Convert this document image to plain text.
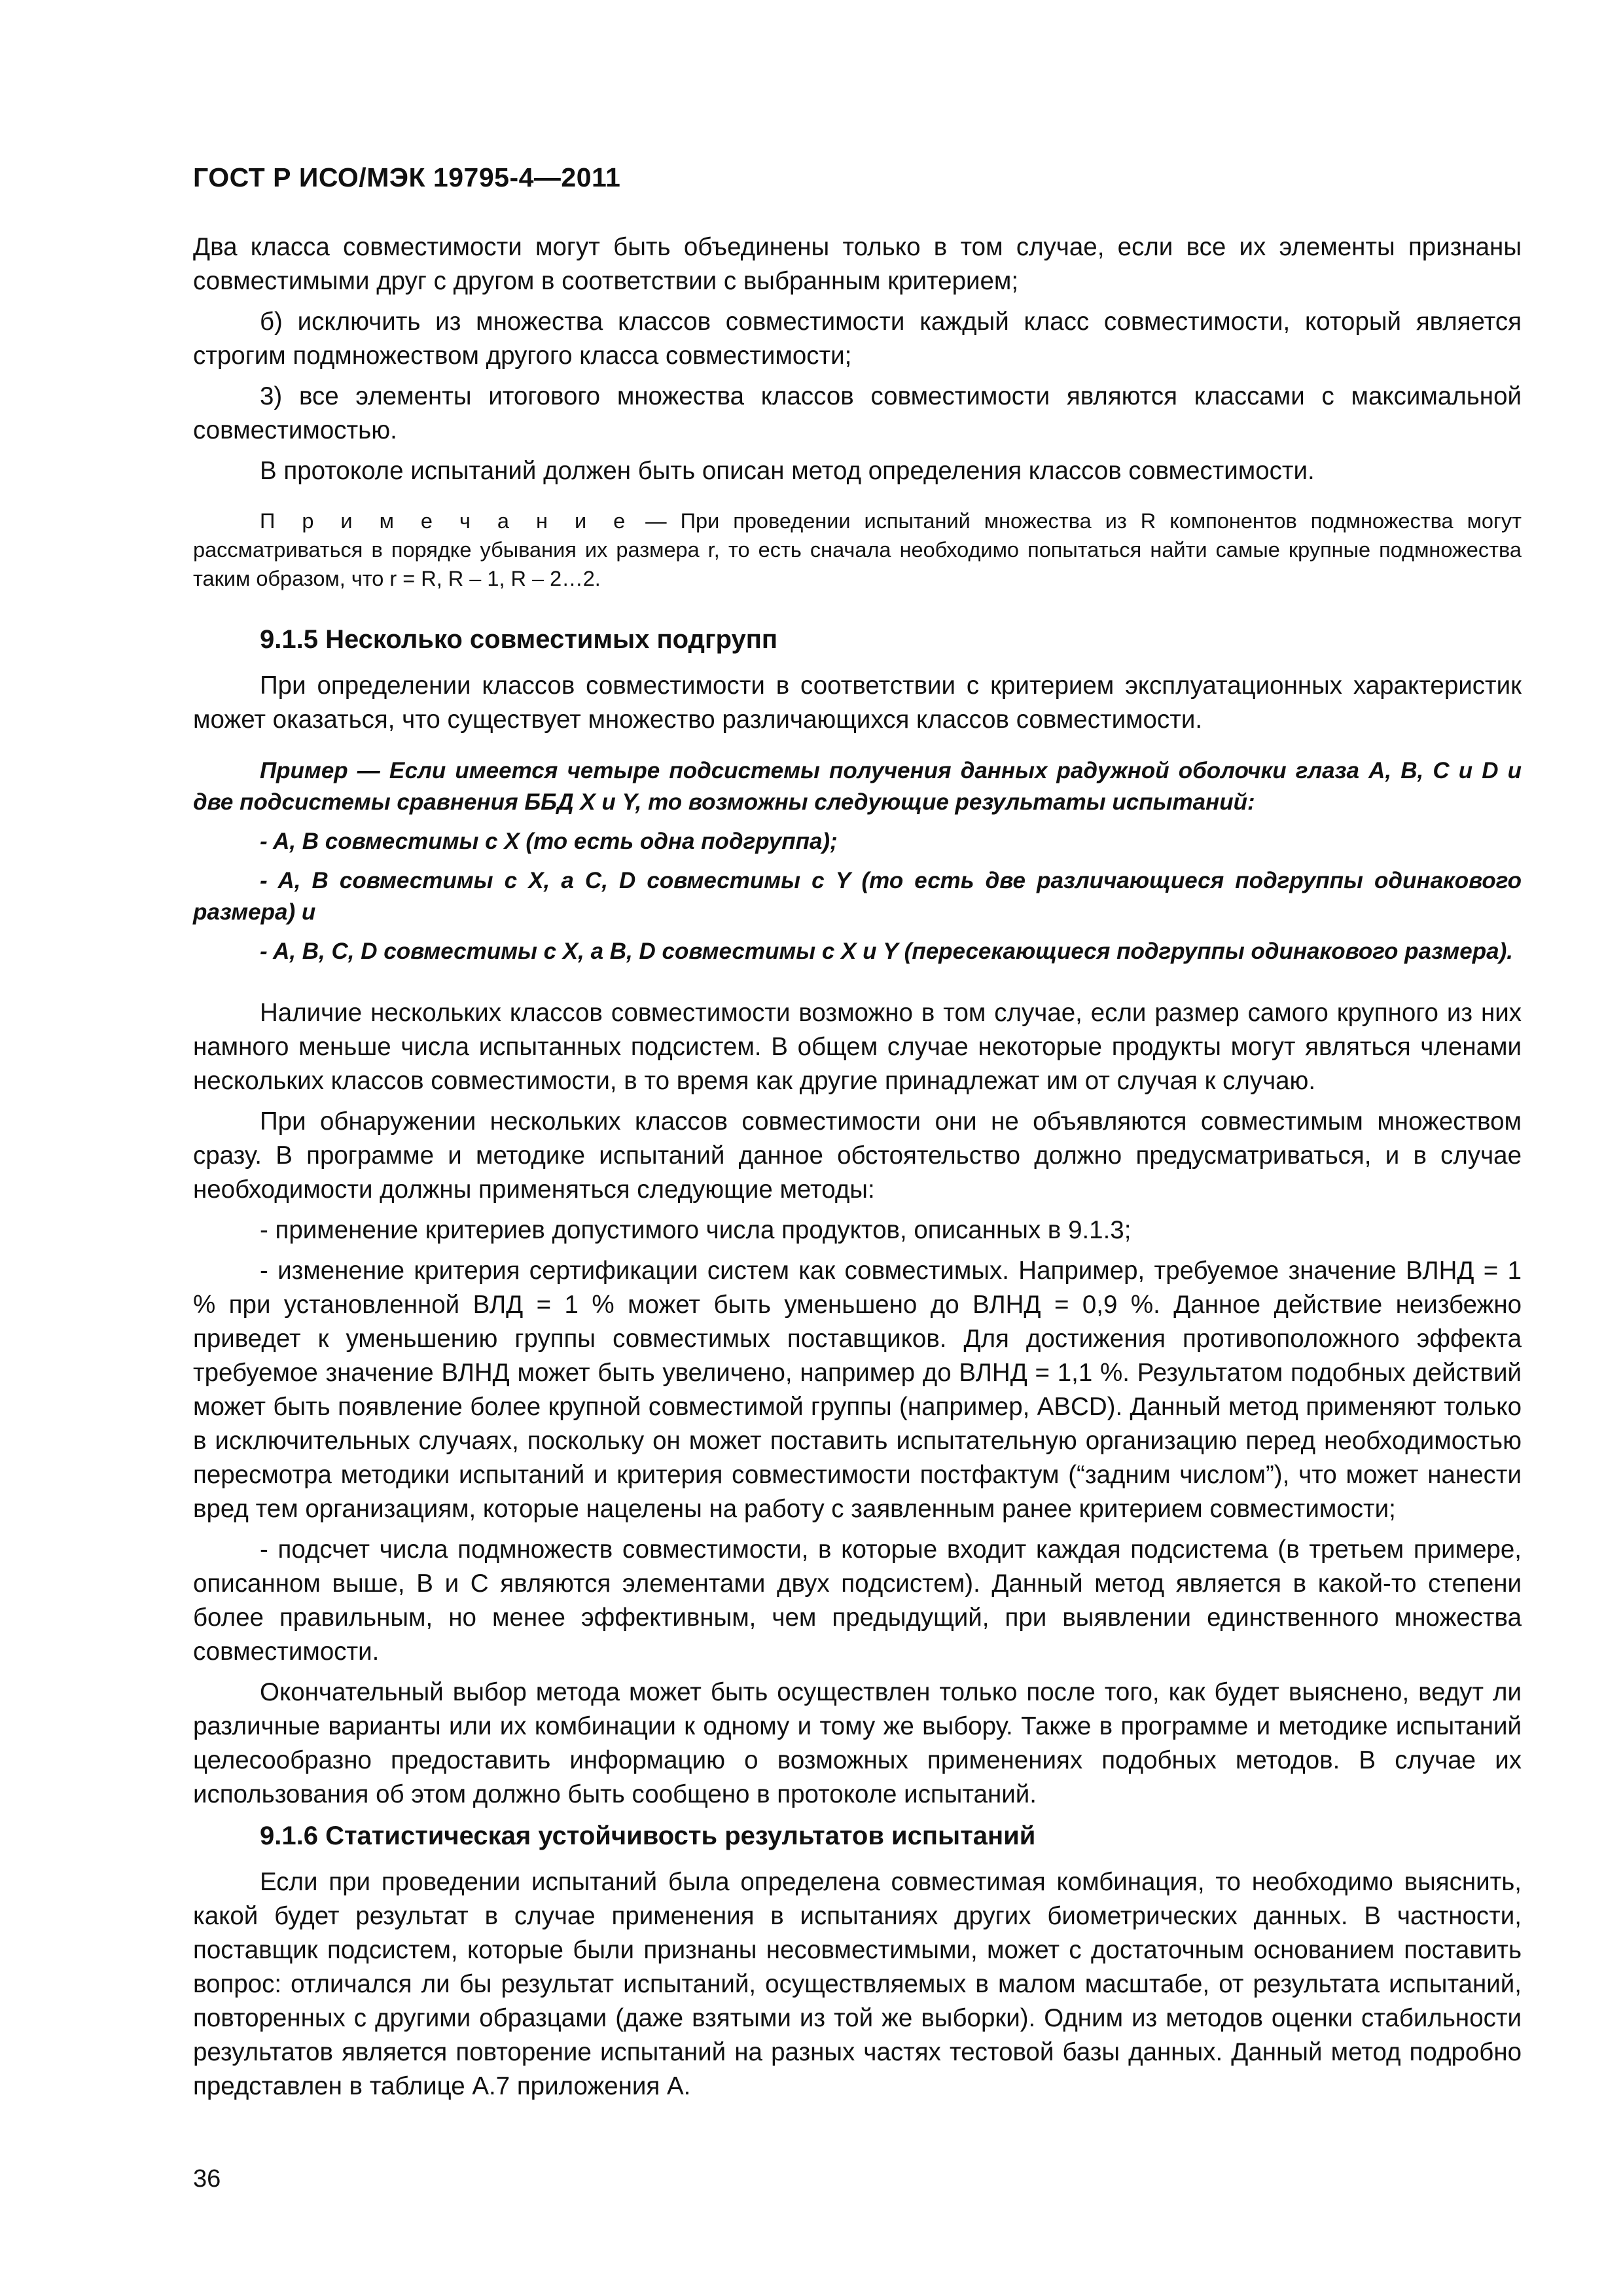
ГОСТ Р ИСО/МЭК 19795-4—2011

Два класса совместимости могут быть объединены только в том случае, если все их элементы признаны совместимыми друг с другом в соответствии с выбранным критерием;

б) исключить из множества классов совместимости каждый класс совместимости, который является строгим подмножеством другого класса совместимости;

3) все элементы итогового множества классов совместимости являются классами с максимальной совместимостью.

В протоколе испытаний должен быть описан метод определения классов совместимости.

П р и м е ч а н и е — При проведении испытаний множества из R компонентов подмножества могут рассматриваться в порядке убывания их размера r, то есть сначала необходимо попытаться найти самые крупные подмножества таким образом, что r = R, R – 1, R – 2…2.

9.1.5 Несколько совместимых подгрупп

При определении классов совместимости в соответствии с критерием эксплуатационных характеристик может оказаться, что существует множество различающихся классов совместимости.

Пример — Если имеется четыре подсистемы получения данных радужной оболочки глаза A, B, C и D и две подсистемы сравнения ББД X и Y, то возможны следующие результаты испытаний:

- A, B совместимы с X (то есть одна подгруппа);

- A, B совместимы с X, а C, D совместимы с Y (то есть две различающиеся подгруппы одинакового размера) и

- A, B, C, D совместимы с X, а B, D совместимы с X и Y (пересекающиеся подгруппы одинакового размера).

Наличие нескольких классов совместимости возможно в том случае, если размер самого крупного из них намного меньше числа испытанных подсистем. В общем случае некоторые продукты могут являться членами нескольких классов совместимости, в то время как другие принадлежат им от случая к случаю.

При обнаружении нескольких классов совместимости они не объявляются совместимым множеством сразу. В программе и методике испытаний данное обстоятельство должно предусматриваться, и в случае необходимости должны применяться следующие методы:

- применение критериев допустимого числа продуктов, описанных в 9.1.3;

- изменение критерия сертификации систем как совместимых. Например, требуемое значение ВЛНД = 1 % при установленной ВЛД = 1 % может быть уменьшено до ВЛНД = 0,9 %. Данное действие неизбежно приведет к уменьшению группы совместимых поставщиков. Для достижения противоположного эффекта требуемое значение ВЛНД может быть увеличено, например до ВЛНД = 1,1 %. Результатом подобных действий может быть появление более крупной совместимой группы (например, ABCD). Данный метод применяют только в исключительных случаях, поскольку он может поставить испытательную организацию перед необходимостью пересмотра методики испытаний и критерия совместимости постфактум (“задним числом”), что может нанести вред тем организациям, которые нацелены на работу с заявленным ранее критерием совместимости;

- подсчет числа подмножеств совместимости, в которые входит каждая подсистема (в третьем примере, описанном выше, B и C являются элементами двух подсистем). Данный метод является в какой-то степени более правильным, но менее эффективным, чем предыдущий, при выявлении единственного множества совместимости.

Окончательный выбор метода может быть осуществлен только после того, как будет выяснено, ведут ли различные варианты или их комбинации к одному и тому же выбору. Также в программе и методике испытаний целесообразно предоставить информацию о возможных применениях подобных методов. В случае их использования об этом должно быть сообщено в протоколе испытаний.

9.1.6 Статистическая устойчивость результатов испытаний

Если при проведении испытаний была определена совместимая комбинация, то необходимо выяснить, какой будет результат в случае применения в испытаниях других биометрических данных. В частности, поставщик подсистем, которые были признаны несовместимыми, может с достаточным основанием поставить вопрос: отличался ли бы результат испытаний, осуществляемых в малом масштабе, от результата испытаний, повторенных с другими образцами (даже взятыми из той же выборки). Одним из методов оценки стабильности результатов является повторение испытаний на разных частях тестовой базы данных. Данный метод подробно представлен в таблице А.7 приложения А.

36
